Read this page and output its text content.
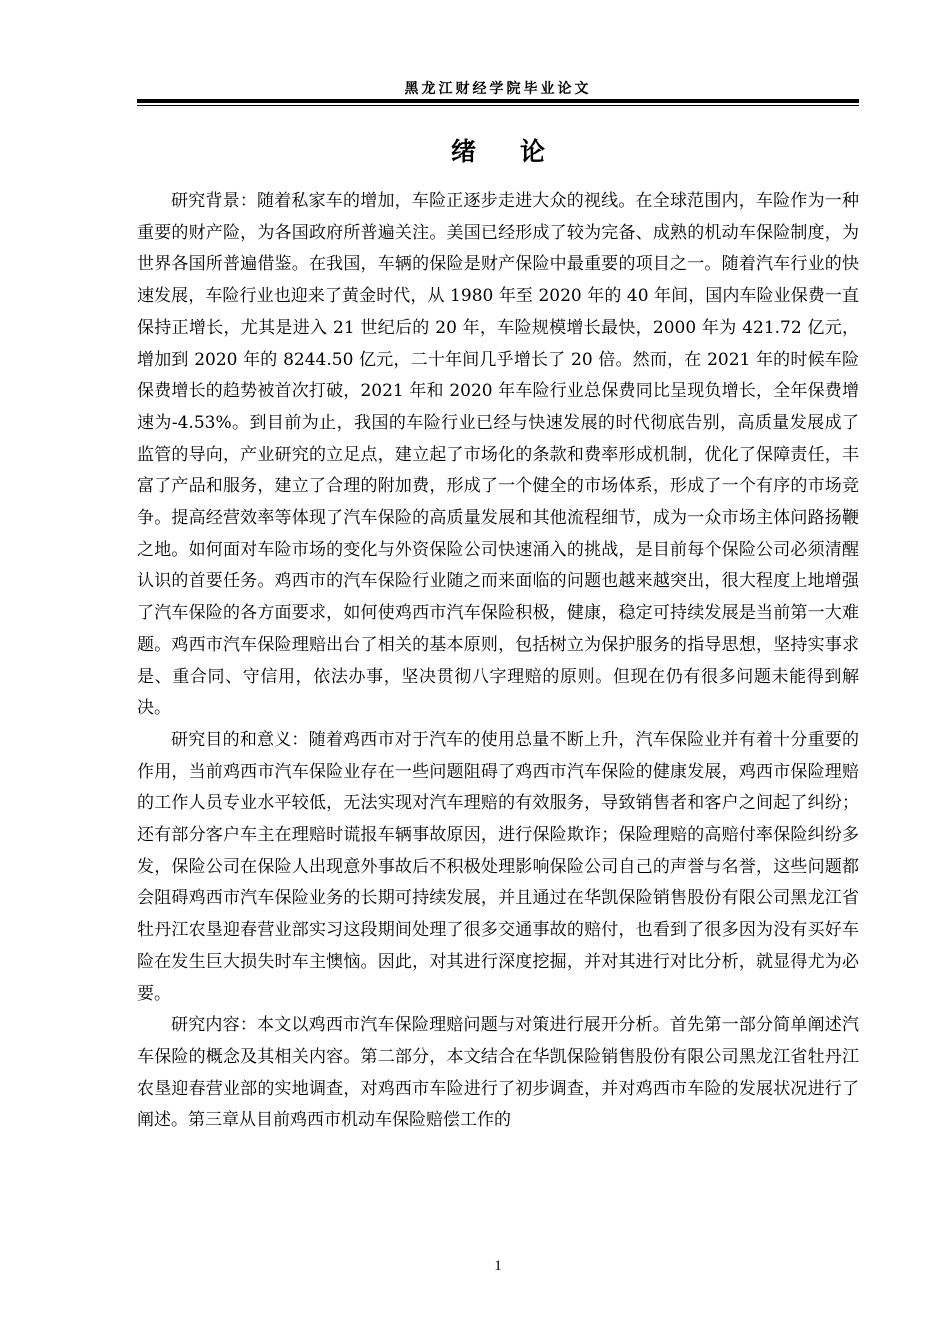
黑龙江财经学院毕业论文
绪 论

研究背景：随着私家车的增加，车险正逐步走进大众的视线。在全球范围内，车险作为一种重要的财产险，为各国政府所普遍关注。美国已经形成了较为完备、成熟的机动车保险制度，为世界各国所普遍借鉴。在我国，车辆的保险是财产保险中最重要的项目之一。随着汽车行业的快速发展，车险行业也迎来了黄金时代，从 1980 年至 2020 年的 40 年间，国内车险业保费一直保持正增长，尤其是进入 21 世纪后的 20 年，车险规模增长最快，2000 年为 421.72 亿元，增加到 2020 年的 8244.50 亿元，二十年间几乎增长了 20 倍。然而，在 2021 年的时候车险保费增长的趋势被首次打破，2021 年和 2020 年车险行业总保费同比呈现负增长，全年保费增速为-4.53%。到目前为止，我国的车险行业已经与快速发展的时代彻底告别，高质量发展成了监管的导向，产业研究的立足点，建立起了市场化的条款和费率形成机制，优化了保障责任，丰富了产品和服务，建立了合理的附加费，形成了一个健全的市场体系，形成了一个有序的市场竞争。提高经营效率等体现了汽车保险的高质量发展和其他流程细节，成为一众市场主体问路扬鞭之地。如何面对车险市场的变化与外资保险公司快速涌入的挑战，是目前每个保险公司必须清醒认识的首要任务。鸡西市的汽车保险行业随之而来面临的问题也越来越突出，很大程度上地增强了汽车保险的各方面要求，如何使鸡西市汽车保险积极，健康，稳定可持续发展是当前第一大难题。鸡西市汽车保险理赔出台了相关的基本原则，包括树立为保护服务的指导思想，坚持实事求是、重合同、守信用，依法办事，坚决贯彻八字理赔的原则。但现在仍有很多问题未能得到解决。

研究目的和意义：随着鸡西市对于汽车的使用总量不断上升，汽车保险业并有着十分重要的作用，当前鸡西市汽车保险业存在一些问题阻碍了鸡西市汽车保险的健康发展，鸡西市保险理赔的工作人员专业水平较低，无法实现对汽车理赔的有效服务，导致销售者和客户之间起了纠纷；还有部分客户车主在理赔时谎报车辆事故原因，进行保险欺诈；保险理赔的高赔付率保险纠纷多发，保险公司在保险人出现意外事故后不积极处理影响保险公司自己的声誉与名誉，这些问题都会阻碍鸡西市汽车保险业务的长期可持续发展，并且通过在华凯保险销售股份有限公司黑龙江省牡丹江农垦迎春营业部实习这段期间处理了很多交通事故的赔付，也看到了很多因为没有买好车险在发生巨大损失时车主懊恼。因此，对其进行深度挖掘，并对其进行对比分析，就显得尤为必要。

研究内容：本文以鸡西市汽车保险理赔问题与对策进行展开分析。首先第一部分简单阐述汽车保险的概念及其相关内容。第二部分，本文结合在华凯保险销售股份有限公司黑龙江省牡丹江农垦迎春营业部的实地调查，对鸡西市车险进行了初步调查，并对鸡西市车险的发展状况进行了阐述。第三章从目前鸡西市机动车保险赔偿工作的

1
